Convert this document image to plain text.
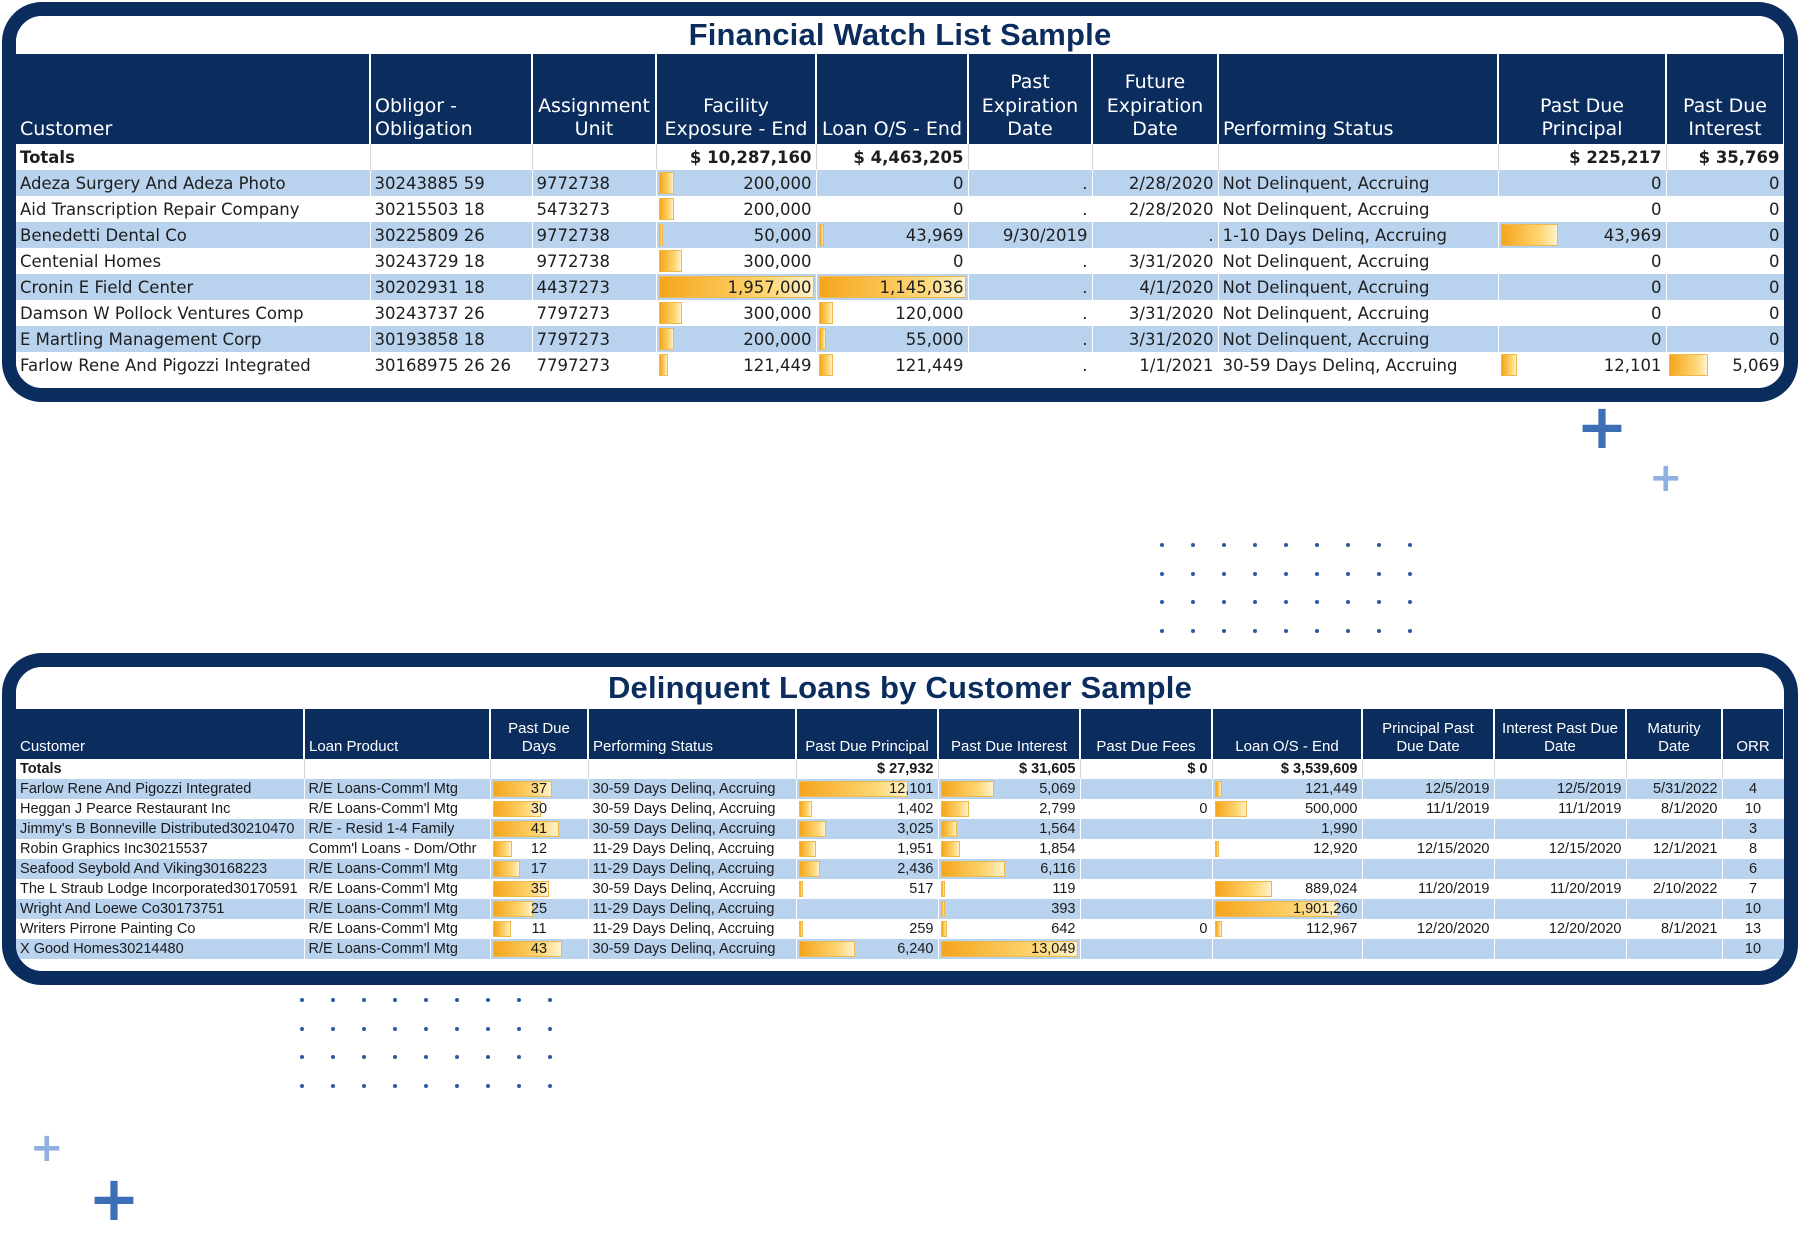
Financial Watch List Sample
Customer	Obligor - Obligation	Assignment Unit	Facility Exposure - End	Loan O/S - End	Past Expiration Date	Future Expiration Date	Performing Status	Past Due Principal	Past Due Interest
Totals			$ 10,287,160	$ 4,463,205				$ 225,217	$ 35,769
Adeza Surgery And Adeza Photo	30243885 59	9772738	200,000	0	.	2/28/2020	Not Delinquent, Accruing	0	0
Aid Transcription Repair Company	30215503 18	5473273	200,000	0	.	2/28/2020	Not Delinquent, Accruing	0	0
Benedetti Dental Co	30225809 26	9772738	50,000	43,969	9/30/2019	.	1-10 Days Delinq, Accruing	43,969	0
Centenial Homes	30243729 18	9772738	300,000	0	.	3/31/2020	Not Delinquent, Accruing	0	0
Cronin E Field Center	30202931 18	4437273	1,957,000	1,145,036	.	4/1/2020	Not Delinquent, Accruing	0	0
Damson W Pollock Ventures Comp	30243737 26	7797273	300,000	120,000	.	3/31/2020	Not Delinquent, Accruing	0	0
E Martling Management Corp	30193858 18	7797273	200,000	55,000	.	3/31/2020	Not Delinquent, Accruing	0	0
Farlow Rene And Pigozzi Integrated	30168975 26 26	7797273	121,449	121,449	.	1/1/2021	30-59 Days Delinq, Accruing	12,101	5,069
Delinquent Loans by Customer Sample
Customer	Loan Product	Past Due Days	Performing Status	Past Due Principal	Past Due Interest	Past Due Fees	Loan O/S - End	Principal Past Due Date	Interest Past Due Date	Maturity Date	ORR
Totals				$ 27,932	$ 31,605	$ 0	$ 3,539,609				
Farlow Rene And Pigozzi Integrated	R/E Loans-Comm'l Mtg	37	30-59 Days Delinq, Accruing	12,101	5,069		121,449	12/5/2019	12/5/2019	5/31/2022	4
Heggan J Pearce Restaurant Inc	R/E Loans-Comm'l Mtg	30	30-59 Days Delinq, Accruing	1,402	2,799	0	500,000	11/1/2019	11/1/2019	8/1/2020	10
Jimmy's B Bonneville Distributed30210470	R/E - Resid 1-4 Family	41	30-59 Days Delinq, Accruing	3,025	1,564		1,990				3
Robin Graphics Inc30215537	Comm'l Loans - Dom/Othr	12	11-29 Days Delinq, Accruing	1,951	1,854		12,920	12/15/2020	12/15/2020	12/1/2021	8
Seafood Seybold And Viking30168223	R/E Loans-Comm'l Mtg	17	11-29 Days Delinq, Accruing	2,436	6,116						6
The L Straub Lodge Incorporated30170591	R/E Loans-Comm'l Mtg	35	30-59 Days Delinq, Accruing	517	119		889,024	11/20/2019	11/20/2019	2/10/2022	7
Wright And Loewe Co30173751	R/E Loans-Comm'l Mtg	25	11-29 Days Delinq, Accruing		393		1,901,260				10
Writers Pirrone Painting Co	R/E Loans-Comm'l Mtg	11	11-29 Days Delinq, Accruing	259	642	0	112,967	12/20/2020	12/20/2020	8/1/2021	13
X Good Homes30214480	R/E Loans-Comm'l Mtg	43	30-59 Days Delinq, Accruing	6,240	13,049						10
+
+
+
+
